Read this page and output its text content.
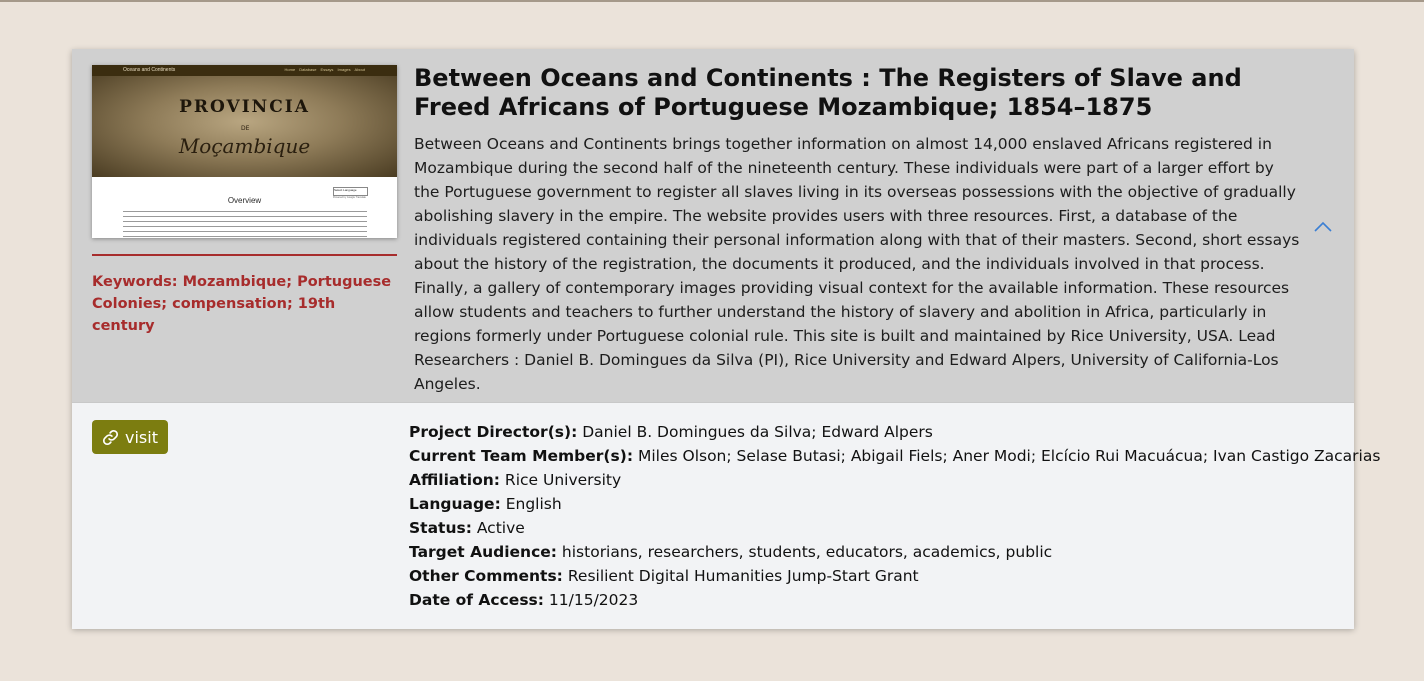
Oceans and Continents	Home Database Essays Images About
PROVINCIA
DE
Moçambique
Select Language
Powered by Google Translate
Overview
Keywords: Mozambique; Portuguese Colonies; compensation; 19th century
Between Oceans and Continents : The Registers of Slave and Freed Africans of Portuguese Mozambique; 1854–1875

Between Oceans and Continents brings together information on almost 14,000 enslaved Africans registered in Mozambique during the second half of the nineteenth century. These individuals were part of a larger effort by the Portuguese government to register all slaves living in its overseas possessions with the objective of gradually abolishing slavery in the empire. The website provides users with three resources. First, a database of the individuals registered containing their personal information along with that of their masters. Second, short essays about the history of the registration, the documents it produced, and the individuals involved in that process. Finally, a gallery of contemporary images providing visual context for the available information. These resources allow students and teachers to further understand the history of slavery and abolition in Africa, particularly in regions formerly under Portuguese colonial rule. This site is built and maintained by Rice University, USA. Lead Researchers : Daniel B. Domingues da Silva (PI), Rice University and Edward Alpers, University of California-Los Angeles.

visit	Project Director(s): Daniel B. Domingues da Silva; Edward Alpers
Current Team Member(s): Miles Olson; Selase Butasi; Abigail Fiels; Aner Modi; Elcício Rui Macuácua; Ivan Castigo Zacarias
Affiliation: Rice University
Language: English
Status: Active
Target Audience: historians, researchers, students, educators, academics, public
Other Comments: Resilient Digital Humanities Jump-Start Grant
Date of Access: 11/15/2023
